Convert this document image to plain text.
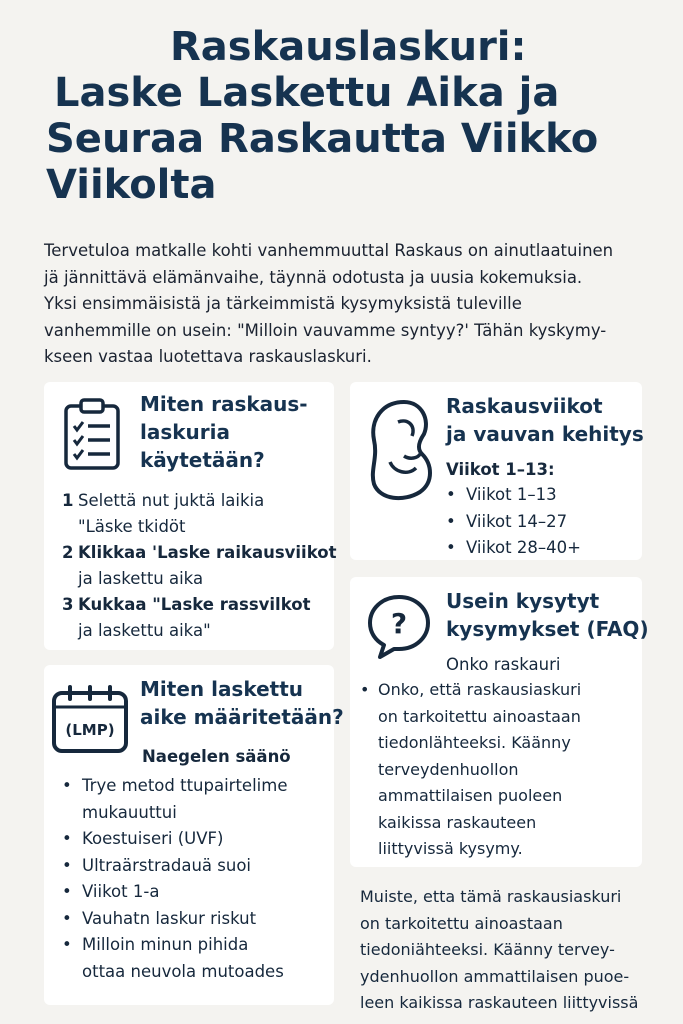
Raskauslaskuri:
Laske Laskettu Aika ja
Seuraa Raskautta Viikko
Viikolta

Tervetuloa matkalle kohti vanhemmuuttal Raskaus on ainutlaatuinen
jä jännittävä elämänvaihe, täynnä odotusta ja uusia kokemuksia.
Yksi ensimmäisistä ja tärkeimmistä kysymyksistä tuleville
vanhemmille on usein: "Milloin vauvamme syntyy?' Tähän kyskymy-
kseen vastaa luotettava raskauslaskuri.

Miten raskaus-
laskuria
käytetään?
1 Selettä nut juktä laikia
"Läske tkidöt
2 Klikkaa 'Laske raikausviikot
ja laskettu aika
3 Kukkaa "Laske rassvilkot
ja laskettu aika"
Raskausviikot
ja vauvan kehitys

Viikot 1–13:

• Viikot 1–13
• Viikot 14–27
• Viikot 28–40+
(LMP)
Miten laskettu
aike määritetään?

Naegelen säänö

• Trye metod ttupairtelime
mukauuttui
• Koestuiseri (UVF)
• Ultraärstradauä suoi
• Viikot 1-a
• Vauhatn laskur riskut
• Milloin minun pihida
ottaa neuvola mutoades
?
Usein kysytyt
kysymykset (FAQ)

Onko raskauri

• Onko, että raskausiaskuri
on tarkoitettu ainoastaan
tiedonlähteeksi. Käänny
terveydenhuollon
ammattilaisen puoleen
kaikissa raskauteen
liittyvissä kysymy.

Muiste, etta tämä raskausiaskuri
on tarkoitettu ainoastaan
tiedoniähteeksi. Käänny tervey-
ydenhuollon ammattilaisen puoe-
leen kaikissa raskauteen liittyvissä
